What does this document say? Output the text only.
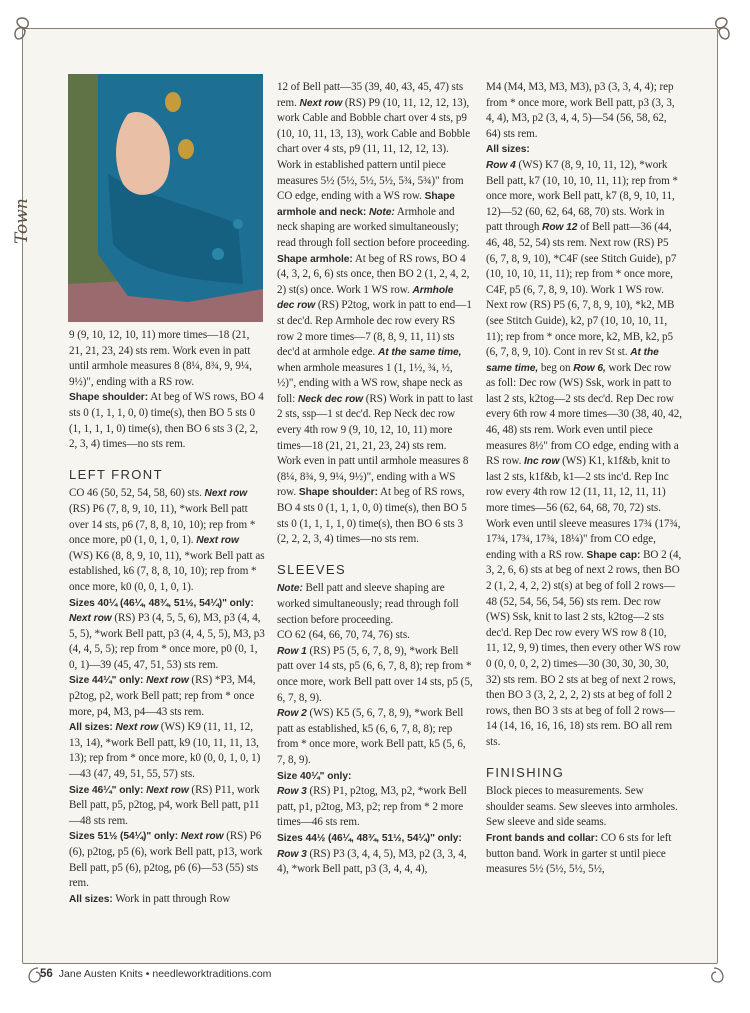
Town

9 (9, 10, 12, 10, 11) more times—18 (21, 21, 21, 23, 24) sts rem. Work even in patt until armhole measures 8 (8¼, 8¾, 9, 9¼, 9½)", ending with a RS row.

Shape shoulder: At beg of WS rows, BO 4 sts 0 (1, 1, 1, 0, 0) time(s), then BO 5 sts 0 (1, 1, 1, 1, 0) time(s), then BO 6 sts 3 (2, 2, 2, 3, 4) times—no sts rem.

LEFT FRONT

CO 46 (50, 52, 54, 58, 60) sts. Next row (RS) P6 (7, 8, 9, 10, 11), *work Bell patt over 14 sts, p6 (7, 8, 8, 10, 10); rep from * once more, p0 (1, 0, 1, 0, 1). Next row (WS) K6 (8, 8, 9, 10, 11), *work Bell patt as established, k6 (7, 8, 8, 10, 10); rep from * once more, k0 (0, 0, 1, 0, 1).

Sizes 40¼ (46¼, 48¾, 51½, 54¼)" only: Next row (RS) P3 (4, 5, 5, 6), M3, p3 (4, 4, 5, 5), *work Bell patt, p3 (4, 4, 5, 5), M3, p3 (4, 4, 5, 5); rep from * once more, p0 (0, 1, 0, 1)—39 (45, 47, 51, 53) sts rem.

Size 44¼" only: Next row (RS) *P3, M4, p2tog, p2, work Bell patt; rep from * once more, p4, M3, p4—43 sts rem.

All sizes: Next row (WS) K9 (11, 11, 12, 13, 14), *work Bell patt, k9 (10, 11, 11, 13, 13); rep from * once more, k0 (0, 0, 1, 0, 1)—43 (47, 49, 51, 55, 57) sts.

Size 46¼" only: Next row (RS) P11, work Bell patt, p5, p2tog, p4, work Bell patt, p11—48 sts rem.

Sizes 51½ (54¼)" only: Next row (RS) P6 (6), p2tog, p5 (6), work Bell patt, p13, work Bell patt, p5 (6), p2tog, p6 (6)—53 (55) sts rem.

All sizes: Work in patt through Row

12 of Bell patt—35 (39, 40, 43, 45, 47) sts rem. Next row (RS) P9 (10, 11, 12, 12, 13), work Cable and Bobble chart over 4 sts, p9 (10, 10, 11, 13, 13), work Cable and Bobble chart over 4 sts, p9 (11, 11, 12, 12, 13). Work in established pattern until piece measures 5½ (5½, 5½, 5½, 5¾, 5¾)" from CO edge, ending with a WS row. Shape armhole and neck: Note: Armhole and neck shaping are worked simultaneously; read through foll section before proceeding. Shape armhole: At beg of RS rows, BO 4 (4, 3, 2, 6, 6) sts once, then BO 2 (1, 2, 4, 2, 2) st(s) once. Work 1 WS row. Armhole dec row (RS) P2tog, work in patt to end—1 st dec'd. Rep Armhole dec row every RS row 2 more times—7 (8, 8, 9, 11, 11) sts dec'd at armhole edge. At the same time, when armhole measures 1 (1, 1½, ¾, ½, ½)", ending with a WS row, shape neck as foll: Neck dec row (RS) Work in patt to last 2 sts, ssp—1 st dec'd. Rep Neck dec row every 4th row 9 (9, 10, 12, 10, 11) more times—18 (21, 21, 21, 23, 24) sts rem. Work even in patt until armhole measures 8 (8¼, 8¾, 9, 9¼, 9½)", ending with a WS row. Shape shoulder: At beg of RS rows, BO 4 sts 0 (1, 1, 1, 0, 0) time(s), then BO 5 sts 0 (1, 1, 1, 1, 0) time(s), then BO 6 sts 3 (2, 2, 2, 3, 4) times—no sts rem.

SLEEVES

Note: Bell patt and sleeve shaping are worked simultaneously; read through foll section before proceeding.

CO 62 (64, 66, 70, 74, 76) sts.

Row 1 (RS) P5 (5, 6, 7, 8, 9), *work Bell patt over 14 sts, p5 (6, 6, 7, 8, 8); rep from * once more, work Bell patt over 14 sts, p5 (5, 6, 7, 8, 9).

Row 2 (WS) K5 (5, 6, 7, 8, 9), *work Bell patt as established, k5 (6, 6, 7, 8, 8); rep from * once more, work Bell patt, k5 (5, 6, 7, 8, 9).

Size 40¼" only:

Row 3 (RS) P1, p2tog, M3, p2, *work Bell patt, p1, p2tog, M3, p2; rep from * 2 more times—46 sts rem.

Sizes 44½ (46¼, 48¾, 51½, 54¼)" only:

Row 3 (RS) P3 (3, 4, 4, 5), M3, p2 (3, 3, 4, 4), *work Bell patt, p3 (3, 4, 4, 4),

M4 (M4, M3, M3, M3), p3 (3, 3, 4, 4); rep from * once more, work Bell patt, p3 (3, 3, 4, 4), M3, p2 (3, 4, 4, 5)—54 (56, 58, 62, 64) sts rem.

All sizes:

Row 4 (WS) K7 (8, 9, 10, 11, 12), *work Bell patt, k7 (10, 10, 10, 11, 11); rep from * once more, work Bell patt, k7 (8, 9, 10, 11, 12)—52 (60, 62, 64, 68, 70) sts. Work in patt through Row 12 of Bell patt—36 (44, 46, 48, 52, 54) sts rem. Next row (RS) P5 (6, 7, 8, 9, 10), *C4F (see Stitch Guide), p7 (10, 10, 10, 11, 11); rep from * once more, C4F, p5 (6, 7, 8, 9, 10). Work 1 WS row. Next row (RS) P5 (6, 7, 8, 9, 10), *k2, MB (see Stitch Guide), k2, p7 (10, 10, 10, 11, 11); rep from * once more, k2, MB, k2, p5 (6, 7, 8, 9, 10). Cont in rev St st. At the same time, beg on Row 6, work Dec row as foll: Dec row (WS) Ssk, work in patt to last 2 sts, k2tog—2 sts dec'd. Rep Dec row every 6th row 4 more times—30 (38, 40, 42, 46, 48) sts rem. Work even until piece measures 8½" from CO edge, ending with a RS row. Inc row (WS) K1, k1f&b, knit to last 2 sts, k1f&b, k1—2 sts inc'd. Rep Inc row every 4th row 12 (11, 11, 12, 11, 11) more times—56 (62, 64, 68, 70, 72) sts. Work even until sleeve measures 17¾ (17¾, 17¾, 17¾, 17¾, 18¼)" from CO edge, ending with a RS row. Shape cap: BO 2 (4, 3, 2, 6, 6) sts at beg of next 2 rows, then BO 2 (1, 2, 4, 2, 2) st(s) at beg of foll 2 rows—48 (52, 54, 56, 54, 56) sts rem. Dec row (WS) Ssk, knit to last 2 sts, k2tog—2 sts dec'd. Rep Dec row every WS row 8 (10, 11, 12, 9, 9) times, then every other WS row 0 (0, 0, 0, 2, 2) times—30 (30, 30, 30, 30, 32) sts rem. BO 2 sts at beg of next 2 rows, then BO 3 (3, 2, 2, 2, 2) sts at beg of foll 2 rows, then BO 3 sts at beg of foll 2 rows—14 (14, 16, 16, 16, 18) sts rem. BO all rem sts.

FINISHING

Block pieces to measurements. Sew shoulder seams. Sew sleeves into armholes. Sew sleeve and side seams.

Front bands and collar: CO 6 sts for left button band. Work in garter st until piece measures 5½ (5½, 5½, 5½,

56 Jane Austen Knits • needleworktraditions.com
